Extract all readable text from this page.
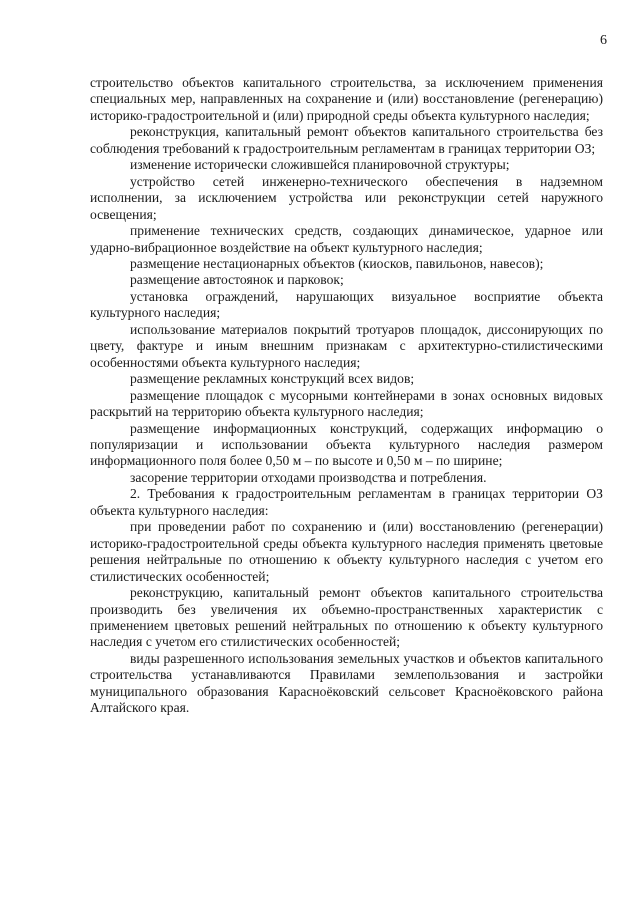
6

строительство объектов капитального строительства, за исключением применения специальных мер, направленных на сохранение и (или) восстановление (регенерацию) историко-градостроительной и (или) природной среды объекта культурного наследия;

реконструкция, капитальный ремонт объектов капитального строительства без соблюдения требований к градостроительным регламентам в границах территории ОЗ;

изменение исторически сложившейся планировочной структуры;

устройство сетей инженерно-технического обеспечения в надземном исполнении, за исключением устройства или реконструкции сетей наружного освещения;

применение технических средств, создающих динамическое, ударное или ударно-вибрационное воздействие на объект культурного наследия;

размещение нестационарных объектов (киосков, павильонов, навесов);

размещение автостоянок и парковок;

установка ограждений, нарушающих визуальное восприятие объекта культурного наследия;

использование материалов покрытий тротуаров площадок, диссонирующих по цвету, фактуре и иным внешним признакам с архитектурно-стилистическими особенностями объекта культурного наследия;

размещение рекламных конструкций всех видов;

размещение площадок с мусорными контейнерами в зонах основных видовых раскрытий на территорию объекта культурного наследия;

размещение информационных конструкций, содержащих информацию о популяризации и использовании объекта культурного наследия размером информационного поля более 0,50 м – по высоте и 0,50 м – по ширине;

засорение территории отходами производства и потребления.

2. Требования к градостроительным регламентам в границах территории ОЗ объекта культурного наследия:

при проведении работ по сохранению и (или) восстановлению (регенерации) историко-градостроительной среды объекта культурного наследия применять цветовые решения нейтральные по отношению к объекту культурного наследия с учетом его стилистических особенностей;

реконструкцию, капитальный ремонт объектов капитального строительства производить без увеличения их объемно-пространственных характеристик с применением цветовых решений нейтральных по отношению к объекту культурного наследия с учетом его стилистических особенностей;

виды разрешенного использования земельных участков и объектов капитального строительства устанавливаются Правилами землепользования и застройки муниципального образования Карасноёковский сельсовет Красноёковского района Алтайского края.
